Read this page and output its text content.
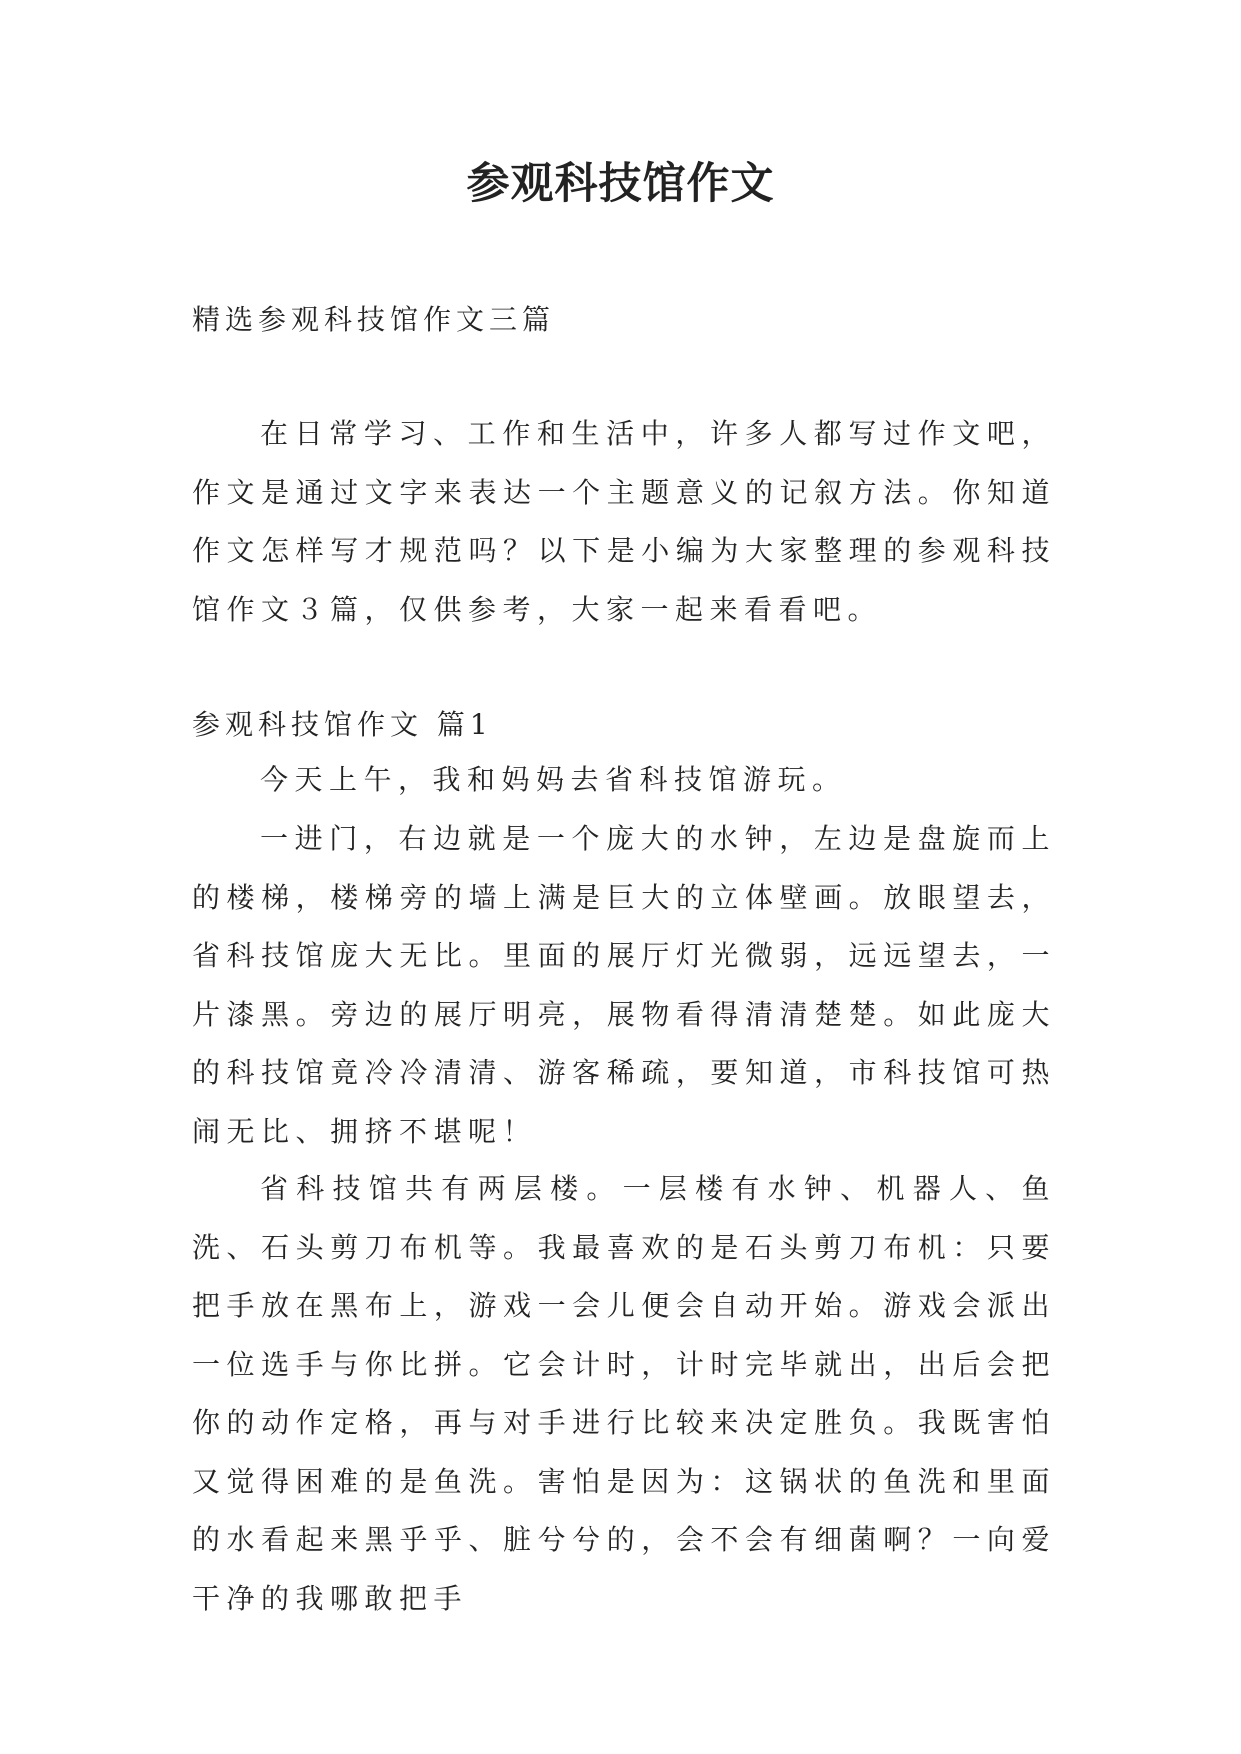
参观科技馆作文

精选参观科技馆作文三篇

在日常学习、工作和生活中，许多人都写过作文吧，作文是通过文字来表达一个主题意义的记叙方法。你知道作文怎样写才规范吗？以下是小编为大家整理的参观科技馆作文３篇，仅供参考，大家一起来看看吧。

参观科技馆作文 篇1

今天上午，我和妈妈去省科技馆游玩。

一进门，右边就是一个庞大的水钟，左边是盘旋而上的楼梯，楼梯旁的墙上满是巨大的立体壁画。放眼望去，省科技馆庞大无比。里面的展厅灯光微弱，远远望去，一片漆黑。旁边的展厅明亮，展物看得清清楚楚。如此庞大的科技馆竟冷冷清清、游客稀疏，要知道，市科技馆可热闹无比、拥挤不堪呢！

省科技馆共有两层楼。一层楼有水钟、机器人、鱼洗、石头剪刀布机等。我最喜欢的是石头剪刀布机：只要把手放在黑布上，游戏一会儿便会自动开始。游戏会派出一位选手与你比拼。它会计时，计时完毕就出，出后会把你的动作定格，再与对手进行比较来决定胜负。我既害怕又觉得困难的是鱼洗。害怕是因为：这锅状的鱼洗和里面的水看起来黑乎乎、脏兮兮的，会不会有细菌啊？一向爱干净的我哪敢把手
